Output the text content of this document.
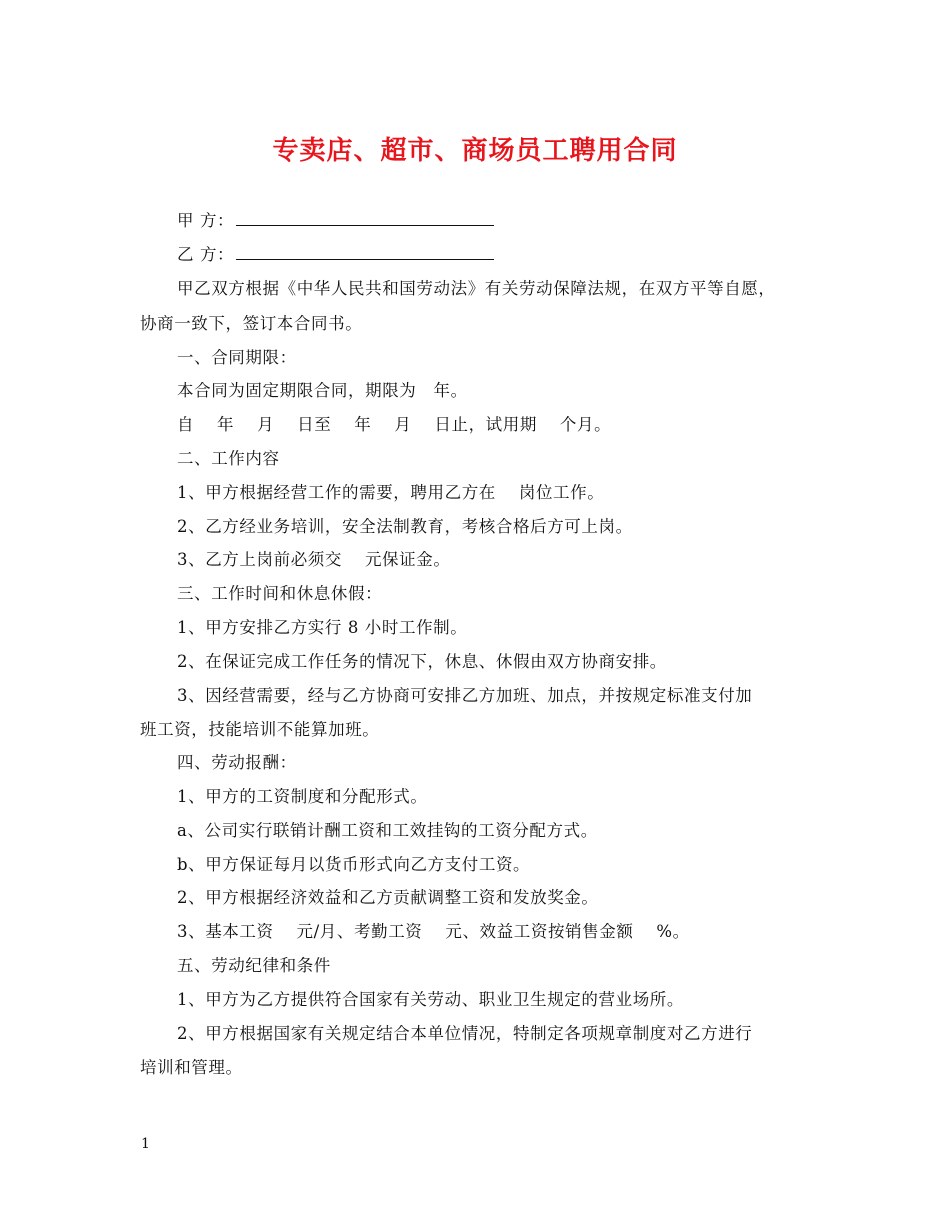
专卖店、超市、商场员工聘用合同
甲 方：
乙 方：
甲乙双方根据《中华人民共和国劳动法》有关劳动保障法规，在双方平等自愿，
协商一致下，签订本合同书。
一、合同期限：
本合同为固定期限合同，期限为　年。
自　 年　 月　 日至　 年　 月　 日止，试用期　 个月。
二、工作内容
1、甲方根据经营工作的需要，聘用乙方在　 岗位工作。
2、乙方经业务培训，安全法制教育，考核合格后方可上岗。
3、乙方上岗前必须交　 元保证金。
三、工作时间和休息休假：
1、甲方安排乙方实行 8 小时工作制。
2、在保证完成工作任务的情况下，休息、休假由双方协商安排。
3、因经营需要，经与乙方协商可安排乙方加班、加点，并按规定标准支付加
班工资，技能培训不能算加班。
四、劳动报酬：
1、甲方的工资制度和分配形式。
a、公司实行联销计酬工资和工效挂钩的工资分配方式。
b、甲方保证每月以货币形式向乙方支付工资。
2、甲方根据经济效益和乙方贡献调整工资和发放奖金。
3、基本工资　 元/月、考勤工资　 元、效益工资按销售金额　 %。
五、劳动纪律和条件
1、甲方为乙方提供符合国家有关劳动、职业卫生规定的营业场所。
2、甲方根据国家有关规定结合本单位情况，特制定各项规章制度对乙方进行
培训和管理。
1
